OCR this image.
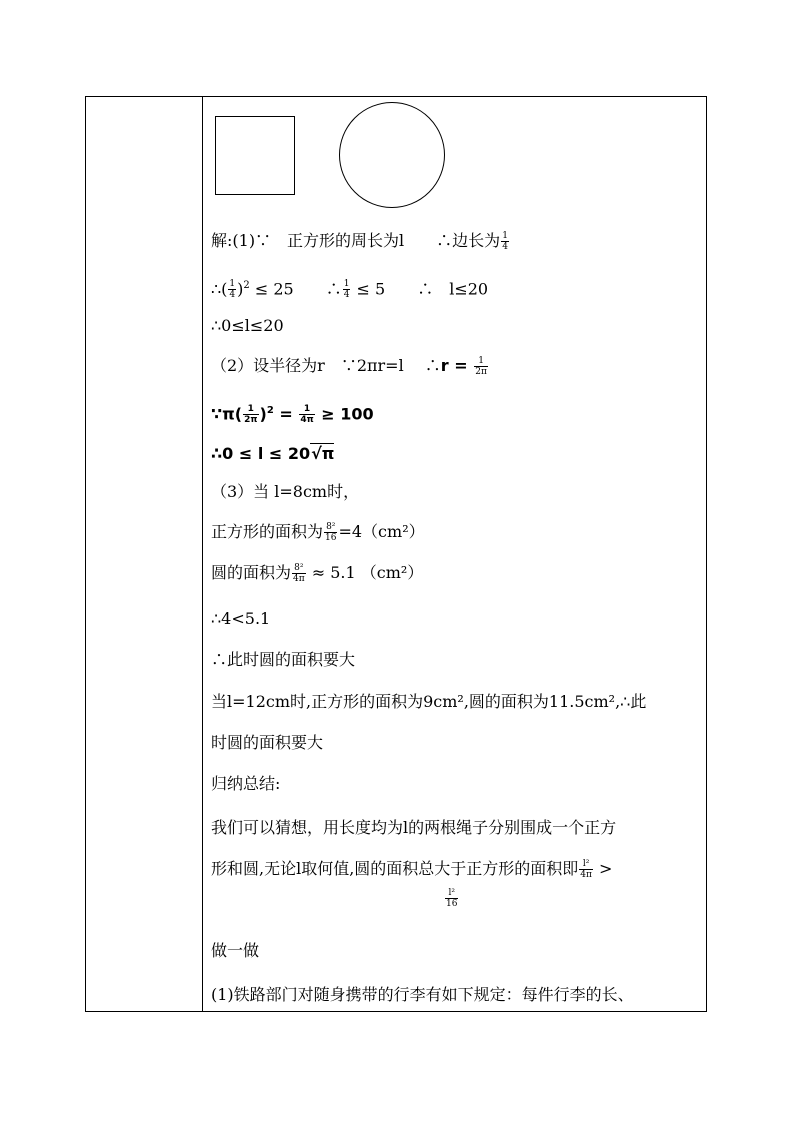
解:(1)∵　正方形的周长为l　　∴边长为 $\frac{1}{4}$
∴( $\frac{1}{4} )^2 \le 25$　　∴ $\frac{1}{4} \le 5$　　∴　l≤20
∴0≤l≤20
（2）设半径为r　∵2πr=l　 ∴r = $\frac{1}{2\pi}$
∵π( $\frac{1}{2\pi} )^2 = \frac{1}{4\pi} \ge 100$
∴0 ≤ l ≤ 20√π
（3）当 l=8cm时，
正方形的面积为 $\frac{\text{8²}}{16} =4(cm^2)$
圆的面积为 $\frac{\text{8²}}{4\pi} \approx 5.1$ （cm²）
∴4<5.1
∴此时圆的面积要大
当l=12cm时,正方形的面积为9cm²,圆的面积为11.5cm²,∴此
时圆的面积要大
归纳总结:
我们可以猜想，用长度均为l的两根绳子分别围成一个正方
形和圆,无论l取何值,圆的面积总大于正方形的面积即 $\frac{\text{l²}}{4\pi}$ >
$\frac{\text{l²}}{16}$
做一做
(1)铁路部门对随身携带的行李有如下规定：每件行李的长、
